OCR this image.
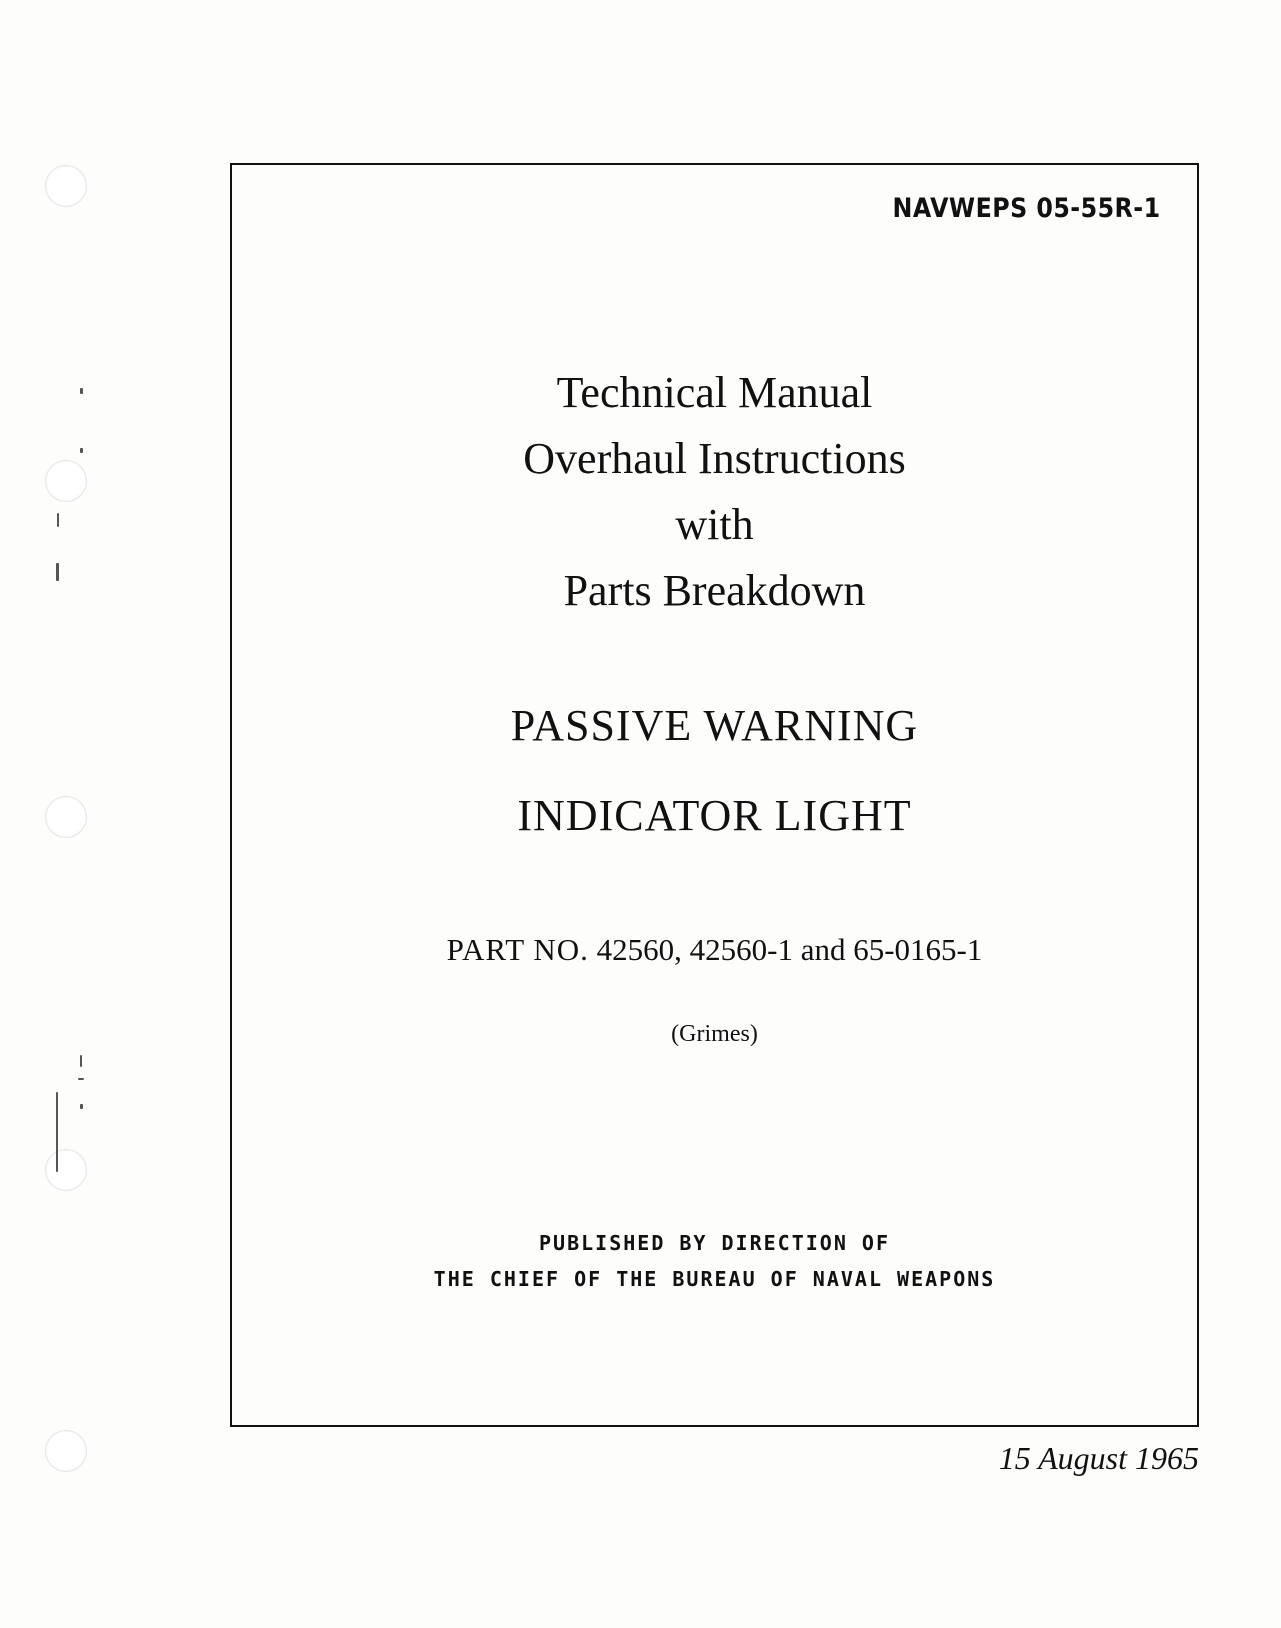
NAVWEPS 05-55R-1
Technical Manual
Overhaul Instructions
with
Parts Breakdown
PASSIVE WARNING
INDICATOR LIGHT
PART NO. 42560, 42560-1 and 65-0165-1
(Grimes)
PUBLISHED BY DIRECTION OF
THE CHIEF OF THE BUREAU OF NAVAL WEAPONS
15 August 1965
